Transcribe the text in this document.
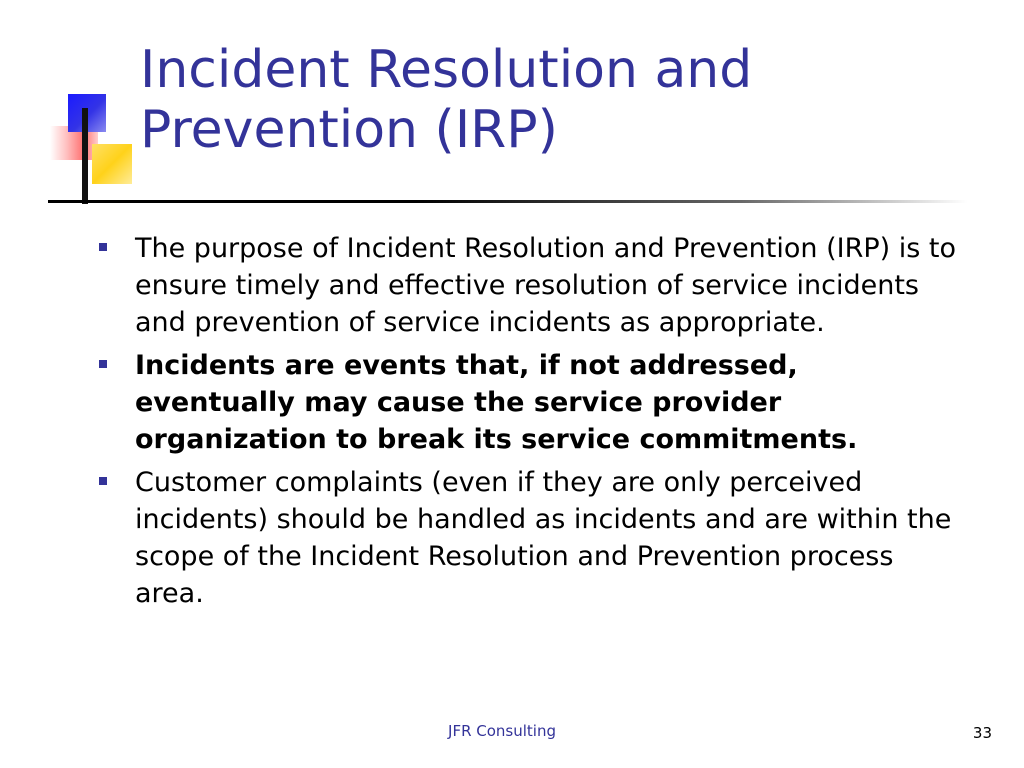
Incident Resolution and
Prevention (IRP)
The purpose of Incident Resolution and Prevention (IRP) is to ensure timely and effective resolution of service incidents and prevention of service incidents as appropriate.
Incidents are events that, if not addressed, eventually may cause the service provider organization to break its service commitments.
Customer complaints (even if they are only perceived incidents) should be handled as incidents and are within the scope of the Incident Resolution and Prevention process area.
JFR Consulting	33
